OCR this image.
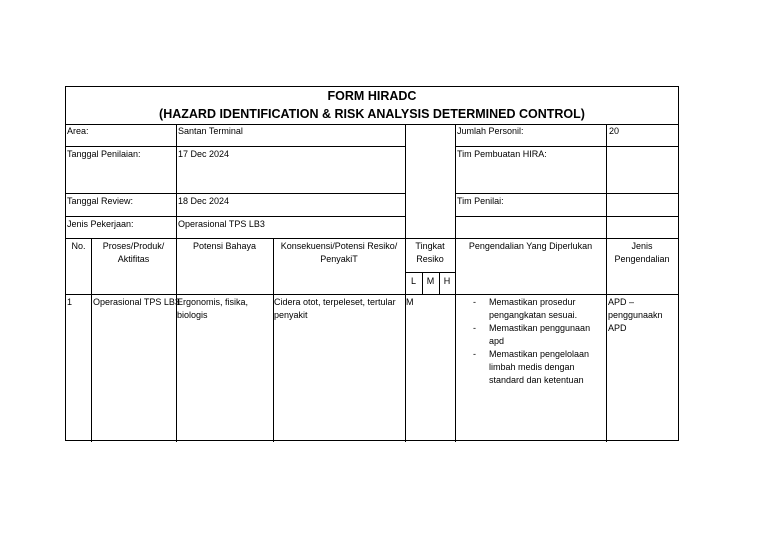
FORM HIRADC
(HAZARD IDENTIFICATION & RISK ANALYSIS DETERMINED CONTROL)
Area:	Santan Terminal
Tanggal Penilaian:	17 Dec 2024
Tanggal Review:	18 Dec 2024
Jenis Pekerjaan:	Operasional TPS LB3
Jumlah Personil:	20
Tim Pembuatan HIRA:
Tim Penilai:
No.	Proses/Produk/ Aktifitas
Potensi Bahaya	Konsekuensi/Potensi Resiko/ PenyakiT
Tingkat Resiko
L	M	H
Pengendalian Yang Diperlukan	Jenis Pengendalian
1	Operasional TPS LB3
Ergonomis, fisika, biologis
Cidera otot, terpeleset, tertular penyakit
M
-	Memastikan prosedur pengangkatan sesuai.
- Memastikan penggunaan apd
- Memastikan pengelolaan limbah medis dengan standard dan ketentuan
APD – penggunaakn APD
